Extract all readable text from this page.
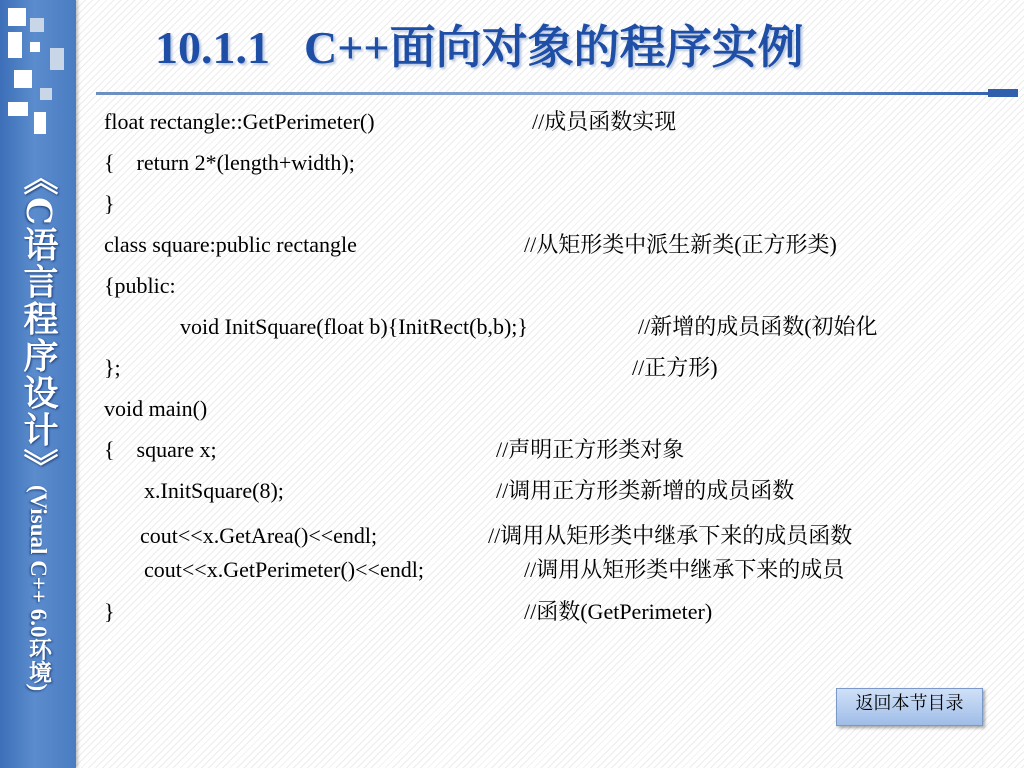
《C语言程序设计》
(Visual C++ 6.0环境)
10.1.1 C++面向对象的程序实例
float rectangle::GetPerimeter()	//成员函数实现
{    return 2*(length+width);
}
class square:public rectangle	//从矩形类中派生新类(正方形类)
{public:
void InitSquare(float b){InitRect(b,b);}	//新增的成员函数(初始化
};	//正方形)
void main()
{    square x;	//声明正方形类对象
x.InitSquare(8);	//调用正方形类新增的成员函数
cout<<x.GetArea()<<endl;	//调用从矩形类中继承下来的成员函数
cout<<x.GetPerimeter()<<endl;	//调用从矩形类中继承下来的成员
}	//函数(GetPerimeter)
返回本节目录
